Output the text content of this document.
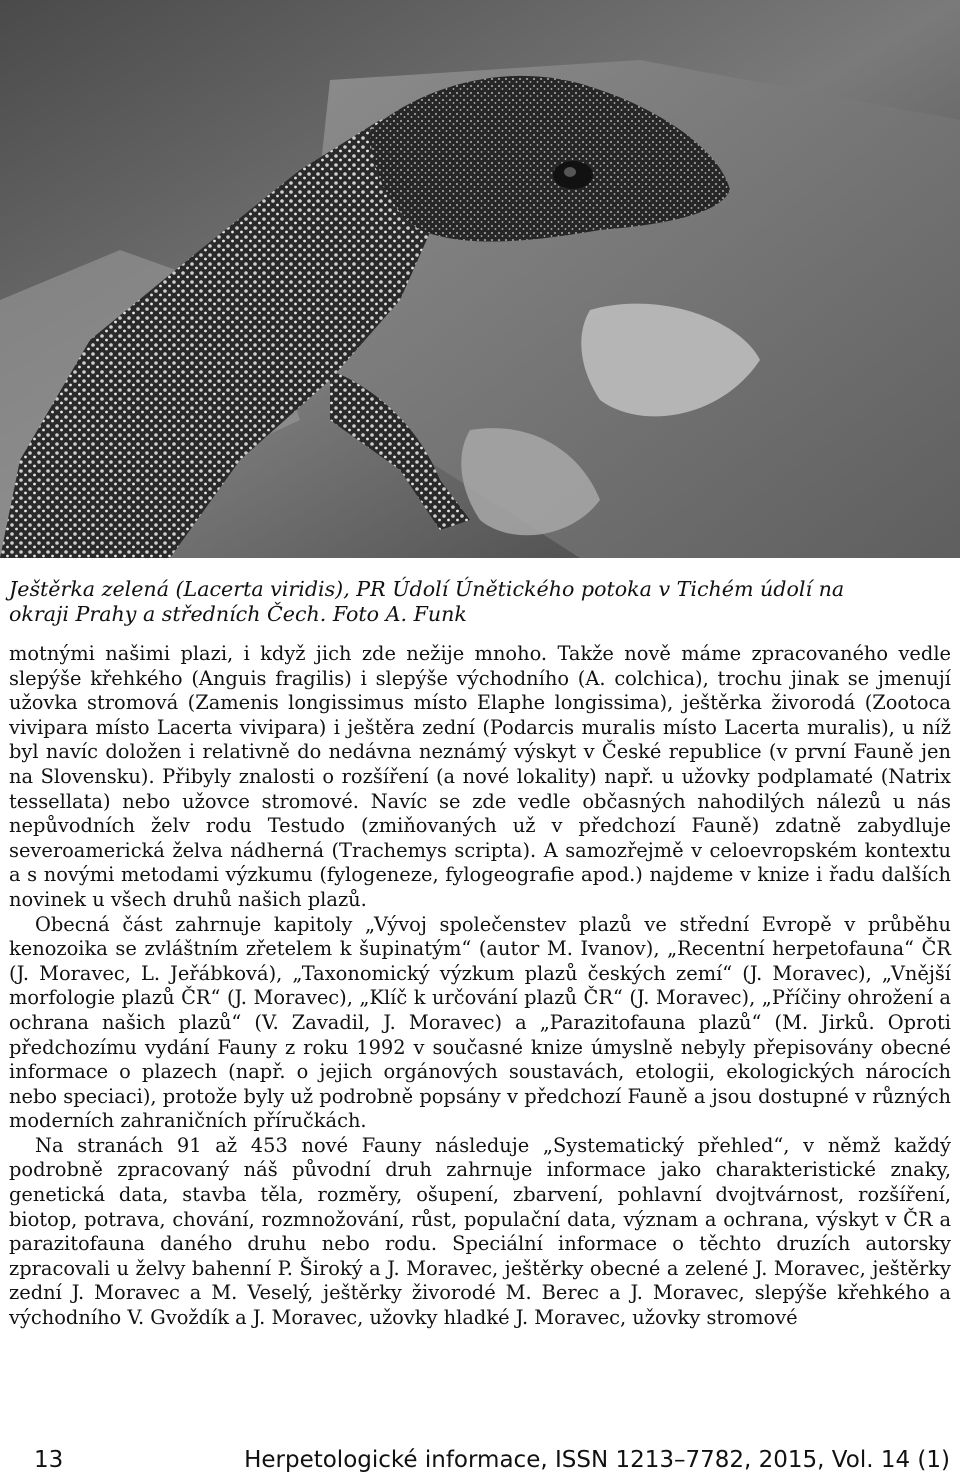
Ještěrka zelená (Lacerta viridis), PR Údolí Únětického potoka v Tichém údolí na
okraji Prahy a středních Čech. Foto A. Funk

motnými našimi plazi, i když jich zde nežije mnoho. Takže nově máme zpracovaného vedle slepýše křehkého (Anguis fragilis) i slepýše východního (A. colchica), trochu jinak se jmenují užovka stromová (Zamenis longissimus místo Elaphe longissima), ještěrka živorodá (Zootoca vivipara místo Lacerta vivipara) i ještěra zední (Podarcis muralis místo Lacerta muralis), u níž byl navíc doložen i relativně do nedávna neznámý výskyt v České republice (v první Fauně jen na Slovensku). Přibyly znalosti o rozšíření (a nové lokality) např. u užovky podplamaté (Natrix tessellata) nebo užovce stromové. Navíc se zde vedle občasných nahodilých nálezů u nás nepůvodních želv rodu Testudo (zmiňovaných už v předchozí Fauně) zdatně zabydluje severoamerická želva nádherná (Trachemys scripta). A samozřejmě v celoevropském kontextu a s novými metodami výzkumu (fylogeneze, fylogeografie apod.) najdeme v knize i řadu dalších novinek u všech druhů našich plazů.

Obecná část zahrnuje kapitoly „Vývoj společenstev plazů ve střední Evropě v průběhu kenozoika se zvláštním zřetelem k šupinatým“ (autor M. Ivanov), „Recentní herpetofauna“ ČR (J. Moravec, L. Jeřábková), „Taxonomický výzkum plazů českých zemí“ (J. Moravec), „Vnější morfologie plazů ČR“ (J. Moravec), „Klíč k určování plazů ČR“ (J. Moravec), „Příčiny ohrožení a ochrana našich plazů“ (V. Zavadil, J. Moravec) a „Parazitofauna plazů“ (M. Jirků. Oproti předchozímu vydání Fauny z roku 1992 v současné knize úmyslně nebyly přepisovány obecné informace o plazech (např. o jejich orgánových soustavách, etologii, ekologických nárocích nebo speciaci), protože byly už podrobně popsány v předchozí Fauně a jsou dostupné v různých moderních zahraničních příručkách.

Na stranách 91 až 453 nové Fauny následuje „Systematický přehled“, v němž každý podrobně zpracovaný náš původní druh zahrnuje informace jako charakteristické znaky, genetická data, stavba těla, rozměry, ošupení, zbarvení, pohlavní dvojtvárnost, rozšíření, biotop, potrava, chování, rozmnožování, růst, populační data, význam a ochrana, výskyt v ČR a parazitofauna daného druhu nebo rodu. Speciální informace o těchto druzích autorsky zpracovali u želvy bahenní P. Široký a J. Moravec, ještěrky obecné a zelené J. Moravec, ještěrky zední J. Moravec a M. Veselý, ještěrky živorodé M. Berec a J. Moravec, slepýše křehkého a východního V. Gvoždík a J. Moravec, užovky hladké J. Moravec, užovky stromové

13	Herpetologické informace, ISSN 1213–7782, 2015, Vol. 14 (1)
